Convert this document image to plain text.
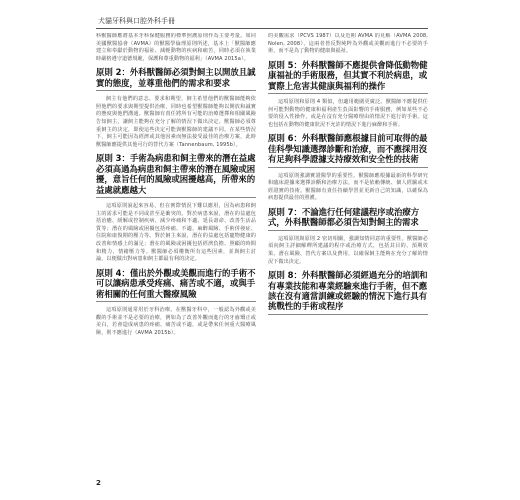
犬貓牙科與口腔外科手冊

科獸醫師應將基本牙科保健服務的標準照護原則作為主要考量。如同美國獸醫協會（AVMA）的獸醫學倫理原則所述，基本上「獸醫師應建立和奉獻於動物的福祉、減輕動物的疾病和痛苦，同時必須在執業時嚴格遵守道德規範，保護和尊重動物的福利」（AVMA 2015a）。

原則 2：外科獸醫師必須對飼主以開放且誠實的態度，並尊重他們的需求和要求

飼主有他們的意志、要求和期望，飼主希望他們的獸醫師能夠依照他們的要求與期望提供治療，同時也希望獸醫師能夠以開放和誠實的態度與他們溝通。獸醫師有責任將所有可能的治療選擇和相關風險告知飼主，讓飼主能夠在充分了解的情況下做出決定。獸醫師必須尊重飼主的決定，即使這些決定可能與獸醫師的建議不同。在某些情況下，飼主可能因為經濟或其他因素而無法接受最佳的治療方案，此時獸醫師應提供其他可行的替代方案（Tannenbaum, 1995b）。

原則 3：手術為病患和飼主帶來的潛在益處必須高過為病患和飼主帶來的潛在風險或困擾，意旨任何的風險或困擾越高，所帶來的益處就應越大

這項原則說起來容易，但在實際情況下難以應用，因為病患和飼主的需求可能是不同或甚至是衝突的。對於病患來說，潛在的益處包括治癒、緩解或控制疾病、減少疼痛和不適、延長壽命、改善生活品質等；潛在的風險或困擾包括疼痛、不適、麻醉風險、手術併發症、住院和康復期的壓力等。對於飼主來說，潛在的益處包括寵物健康的改善和情感上的滿足；潛在的風險或困擾包括經濟負擔、照顧的時間和精力、情緒壓力等。獸醫師必須權衡所有這些因素，並與飼主討論，以便做出對病患和飼主都最有利的決定。

原則 4：僅出於外觀或美觀而進行的手術不可以讓病患承受疼痛、痛苦或不適，或與手術相關的任何重大醫療風險

這項原則通常用於牙科治療。在獸醫牙科中，一般認為外觀或美觀的手術並不是必要的治療，例如為了改善外觀而進行的牙齒矯正或美白，若會造成病患的疼痛、痛苦或不適，或是帶來任何重大醫療風險，則不應進行（AVMA 2015b）。

的美觀需求（PCVS 1987）以及近期 AVMA 的見解（AVMA 2008, Nolen, 2008），這兩者皆反對純粹為外觀或美觀而進行不必要的手術，而不是為了動物的健康與福祉。

原則 5：外科獸醫師不應提供會降低動物健康福祉的手術服務，但其實不利於病患，或實際上危害其健康與福利的操作

這項原則和原則 4 類似，但適用範圍更廣泛。獸醫師不應提供任何可能對動物的健康和福利產生負面影響的手術服務，例如某些不必要的侵入性操作，或是在沒有充分醫療理由的情況下進行的手術。這也包括在動物的健康狀況不允許的情況下進行麻醉和手術。

原則 6：外科獸醫師應根據目前可取得的最佳科學知識選擇診斷和治療，而不應採用沒有足夠科學證據支持療效和安全性的技術

這項原則強調實證醫學的重要性。獸醫師應根據最新的科學研究和臨床證據來選擇診斷和治療方法，而不是依賴傳統、個人經驗或未經證實的技術。獸醫師有責任持續學習並更新自己的知識，以確保為病患提供最佳的照護。

原則 7：不論進行任何建議程序或治療方式，外科獸醫師都必須告知對飼主的需求

這項原則與原則 2 密切相關，強調知情同意的重要性。獸醫師必須向飼主詳細解釋所建議的程序或治療方式，包括其目的、預期效果、潛在風險、替代方案以及費用，以確保飼主能夠在充分了解的情況下做出決定。

原則 8：外科獸醫師必須經過充分的培訓和有專業技能和專業經驗來進行手術，但不應該在沒有適當訓練或經驗的情況下進行具有挑戰性的手術或程序
2
